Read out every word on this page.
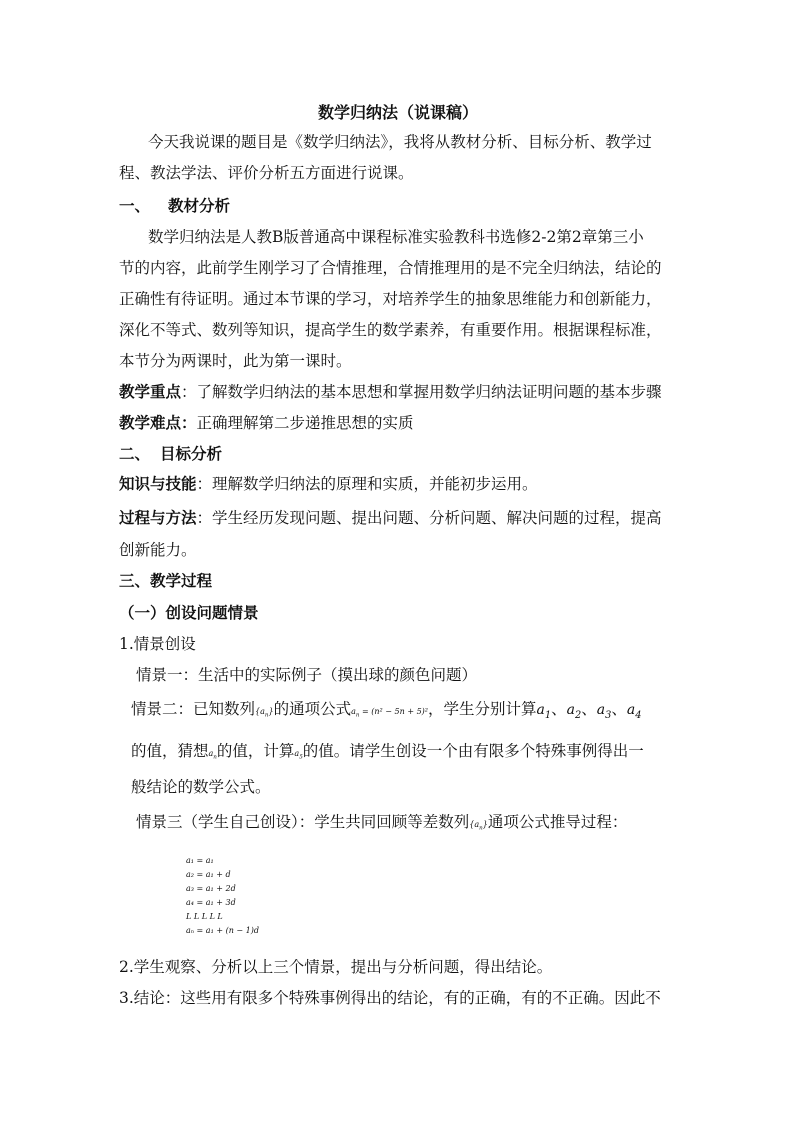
数学归纳法（说课稿）
今天我说课的题目是《数学归纳法》，我将从教材分析、目标分析、教学过
程、教法学法、评价分析五方面进行说课。
一、 教材分析
数学归纳法是人教B版普通高中课程标准实验教科书选修2-2第2章第三小
节的内容，此前学生刚学习了合情推理，合情推理用的是不完全归纳法，结论的
正确性有待证明。通过本节课的学习，对培养学生的抽象思维能力和创新能力，
深化不等式、数列等知识，提高学生的数学素养，有重要作用。根据课程标准，
本节分为两课时，此为第一课时。
教学重点：了解数学归纳法的基本思想和掌握用数学归纳法证明问题的基本步骤
教学难点：正确理解第二步递推思想的实质
二、 目标分析
知识与技能：理解数学归纳法的原理和实质，并能初步运用。
过程与方法：学生经历发现问题、提出问题、分析问题、解决问题的过程，提高
创新能力。
三、教学过程
（一）创设问题情景
1.情景创设
情景一：生活中的实际例子（摸出球的颜色问题）
情景二：已知数列$\{a_n\}$的通项公式$a_n = (n^2 - 5n + 5)^2$，学生分别计算$a_1$、$a_2$、$a_3$、$a_4$
的值，猜想$a_n$的值，计算$a_5$的值。请学生创设一个由有限多个特殊事例得出一
般结论的数学公式。
情景三（学生自己创设）：学生共同回顾等差数列$\{a_n\}$通项公式推导过程：
a₁ = a₁
a₂ = a₁ + d
a₃ = a₁ + 2d
a₄ = a₁ + 3d
L L L L L
aₙ = a₁ + (n − 1)d
2.学生观察、分析以上三个情景，提出与分析问题，得出结论。
3.结论：这些用有限多个特殊事例得出的结论，有的正确，有的不正确。因此不
